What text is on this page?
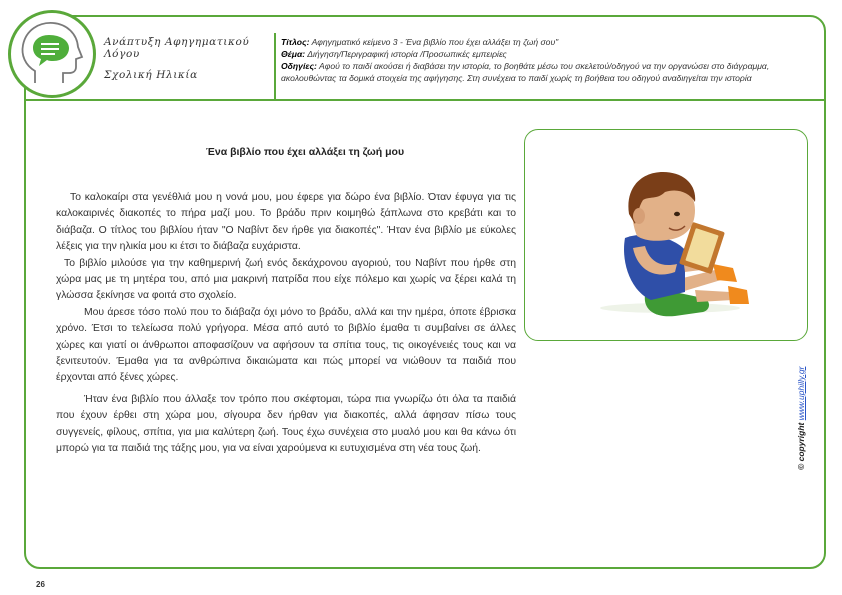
Ανάπτυξη Αφηγηματικού Λόγου
Σχολική Ηλικία
Τίτλος: Αφηγηματικό κείμενο 3 - Ένα βιβλίο που έχει αλλάξει τη ζωή σου"
Θέμα: Διήγηση/Περιγραφική ιστορία /Προσωπικές εμπειρίες
Οδηγίες: Αφού το παιδί ακούσει ή διαβάσει την ιστορία, το βοηθάτε μέσω του σκελετού/οδηγού να την οργανώσει στο διάγραμμα, ακολουθώντας τα δομικά στοιχεία της αφήγησης. Στη συνέχεια το παιδί χωρίς τη βοήθεια του οδηγού αναδιηγείται την ιστορία
Ένα βιβλίο που έχει αλλάξει τη ζωή μου

Το καλοκαίρι στα γενέθλιά μου η νονά μου, μου έφερε για δώρο ένα βιβλίο. Όταν έφυγα για τις καλοκαιρινές διακοπές το πήρα μαζί μου. Το βράδυ πριν κοιμηθώ ξάπλωνα στο κρεβάτι και το διάβαζα. Ο τίτλος του βιβλίου ήταν "Ο Ναβίντ δεν ήρθε για διακοπές". Ήταν ένα βιβλίο με εύκολες λέξεις για την ηλικία μου κι έτσι το διάβαζα ευχάριστα.

Το βιβλίο μιλούσε για την καθημερινή ζωή ενός δεκάχρονου αγοριού, του Ναβίντ που ήρθε στη χώρα μας με τη μητέρα του, από μια μακρινή πατρίδα που είχε πόλεμο και χωρίς να ξέρει καλά τη γλώσσα ξεκίνησε να φοιτά στο σχολείο.

Μου άρεσε τόσο πολύ που το διάβαζα όχι μόνο το βράδυ, αλλά και την ημέρα, όποτε έβρισκα χρόνο. Έτσι το τελείωσα πολύ γρήγορα. Μέσα από αυτό το βιβλίο έμαθα τι συμβαίνει σε άλλες χώρες και γιατί οι άνθρωποι αποφασίζουν να αφήσουν τα σπίτια τους, τις οικογένειές τους και να ξενιτευτούν. Έμαθα για τα ανθρώπινα δικαιώματα και πώς μπορεί να νιώθουν τα παιδιά που έρχονται από ξένες χώρες.

Ήταν ένα βιβλίο που άλλαξε τον τρόπο που σκέφτομαι, τώρα πια γνωρίζω ότι όλα τα παιδιά που έχουν έρθει στη χώρα μου, σίγουρα δεν ήρθαν για διακοπές, αλλά άφησαν πίσω τους συγγενείς, φίλους, σπίτια, για μια καλύτερη ζωή. Τους έχω συνέχεια στο μυαλό μου και θα κάνω ότι μπορώ για τα παιδιά της τάξης μου, για να είναι χαρούμενα κι ευτυχισμένα στη νέα τους ζωή.	© copyright www.uphilly.gr
26
